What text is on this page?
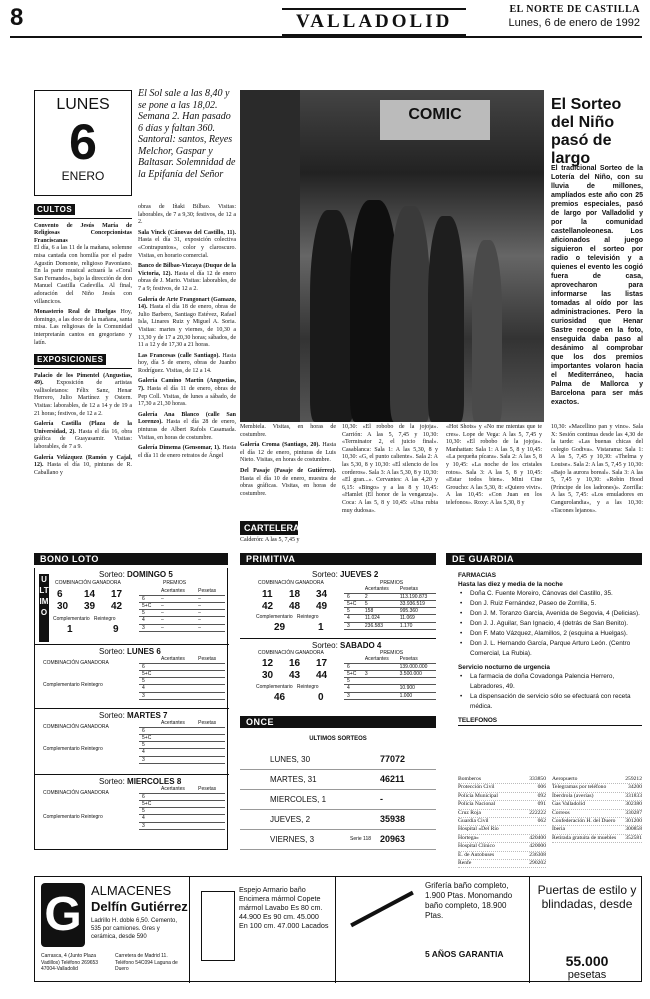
8	VALLADOLID
EL NORTE DE CASTILLA
Lunes, 6 de enero de 1992
LUNES
6
ENERO
El Sol sale a las 8,40 y se pone a las 18,02. Semana 2. Han pasado 6 días y faltan 360. Santoral: santos, Reyes Melchor, Gaspar y Baltasar. Solemnidad de la Epifanía del Señor
CULTOS

Convento de Jesús María de Religiosas Concepcionistas Franciscanas
El día, 6 a las 11 de la mañana, solemne misa cantada con homilía por el padre Agustín Domonte, religioso Pavoniano. En la parte musical actuará la «Coral San Fernando», bajo la dirección de don Manuel Castilla Cadevilla. Al final, adoración del Niño Jesús con villancicos.

Monasterio Real de Huelgas Hoy, domingo, a las doce de la mañana, santa misa. Las religiosas de la Comunidad interpretarán cantos en gregoriano y latín.

EXPOSICIONES

Palacio de los Pimentel (Angustias, 49). Exposición de artistas vallisoletanos: Félix Sanz, Henar Herrero, Julio Martínez y Ostern. Visitas: laborables, de 12 a 14 y de 19 a 21 horas; festivos, de 12 a 2.

Galería Castilla (Plaza de la Universidad, 2). Hasta el día 16, obra gráfica de Guayasamir. Visitas: laborables, de 7 a 9.

Galería Velázquez (Ramón y Cajal, 12). Hasta el día 10, pinturas de R. Caballano y

obras de Iñaki Bilbao. Visitas: laborables, de 7 a 9,30; festivos, de 12 a 2.

Sala Vinck (Cánovas del Castillo, 11). Hasta el día 31, exposición colectiva «Contrapuntos», color y claroscuro. Visitas, en horario comercial.

Banco de Bilbao-Vizcaya (Duque de la Victoria, 12). Hasta el día 12 de enero obras de J. Mario. Visitas: laborables, de 7 a 9; festivos, de 12 a 2.

Galería de Arte Frangonart (Gamazo, 14). Hasta el día 18 de enero, obras de Julio Barbero, Santiago Estévez, Rafael Isla, Linares Ruiz y Miguel A. Soria. Visitas: martes y viernes, de 10,30 a 13,30 y de 17 a 20,30 horas; sábados, de 11 a 12 y de 17,30 a 21 horas.

Las Francesas (calle Santiago). Hasta hoy, día 5 de enero, obras de Juanbo Rodríguez. Visitas, de 12 a 14.

Galería Camino Martín (Angustias, 7). Hasta el día 11 de enero, obras de Pep Coll. Visitas, de lunes a sábado, de 17,30 a 21,30 horas.

Galería Ana Blanco (calle San Lorenzo). Hasta el día 28 de enero, pinturas de Albert Rafols Casamada. Visitas, en horas de costumbre.

Galería Dimema (Gensomar, 1). Hasta el día 11 de enero retratos de Ángel

COMIC
El Sorteo del Niño pasó de largo
El tradicional Sorteo de la Lotería del Niño, con su lluvia de millones, amplíados este año con 25 premios especiales, pasó de largo por Valladolid y por la comunidad castellanoleonesa. Los aficionados al juego siguieron el sorteo por radio o televisión y a quienes el evento les cogió fuera de casa, aprovecharon para informarse las listas tomadas al oído por las administraciones. Pero la curiosidad que Henar Sastre recoge en la foto, enseguida daba paso al desánimo al comprobar que los dos premios importantes volaron hacia el Mediterráneo, hacia Palma de Mallorca y Barcelona para ser más exactos.

Membiela. Visitas, en horas de costumbre.

Galería Croma (Santiago, 20). Hasta el día 12 de enero, pinturas de Luis Nieto. Visitas, en horas de costumbre.

Del Pasaje (Pasaje de Gutiérrez). Hasta el día 10 de enero, muestra de obras gráficas. Visitas, en horas de costumbre.

CARTELERA
Calderón: A las 5, 7,45 y
10,30: «El robobo de la jojoja». Carrión: A las 5, 7,45 y 10,30: «Terminator 2, el juicio final». Casablanca: Sala 1: A las 5,30, 8 y 10,30: «G, el punto caliente». Sala 2: A las 5,30, 8 y 10,30: «El silencio de los corderos». Sala 3: A las 5,30, 8 y 10,30: «El gran...». Cervantes: A las 4,20 y 6,15: «Bingo» y a las 8 y 10,45: «Hamlet (El honor de la venganza)». Coca: A las 5, 8 y 10,45: «Una rubia muy dudosa».
«Hot Shots» y «No me mientas que te cres». Lope de Vega: A las 5, 7,45 y 10,30: «El robobo de la jojoja». Manhattan: Sala 1: A las 5, 8 y 10,45: «La pequeña pícara». Sala 2: A las 5, 8 y 10,45: «La noche de los cristales rotos». Sala 3: A las 5, 8 y 10,45: «Estar todos bien». Mini Cine Groucho: A las 5,30, 8: «Quiero vivir». A las 10,45: «Con Juan en los telefonos». Roxy: A las 5,30, 8 y
10,30: «Macellino pan y vino». Sala X: Sesión continua desde las 4,30 de la tarde: «Las buenas chicas del colegio Godiva». Vistarama: Sala 1: A las 5, 7,45 y 10,30: «Thelma y Louise». Sala 2: A las 5, 7,45 y 10,30: «Bajo la aurora boreal». Sala 3: A las 5, 7,45 y 10,30: «Robin Hood (Príncipe de los ladrones)». Zorrilla: A las 5, 7,45: «Los emuladores en Cangurolandia», y a las 10,30: «Tacones lejanos».
BONO LOTO
ULTIMO
Sorteo: DOMINGO 5
COMBINACIÓN GANADORA	PREMIOS
6	14	17
30	39	42
Complementario Reintegro
1	9
	Acertantes	Pesetas
6	–	–
5+C	–	–
5	–	–
4	–	–
3	–	–
Sorteo: LUNES 6
COMBINACIÓN GANADORA
Complementario Reintegro
	Acertantes	Pesetas
6		
5+C		
5		
4		
3		
Sorteo: MARTES 7
COMBINACIÓN GANADORA
Complementario Reintegro
	Acertantes	Pesetas
6		
5+C		
5		
4		
3		
Sorteo: MIERCOLES 8
COMBINACIÓN GANADORA
Complementario Reintegro
	Acertantes	Pesetas
6		
5+C		
5		
4		
3		
PRIMITIVA
Sorteo: JUEVES 2
COMBINACIÓN GANADORA	PREMIOS
11	18	34
42	48	49
Complementario Reintegro
29	1
	Acertantes	Pesetas
6	2	113.190.873
5+C	5	33.936.519
5	158	995.360
4	11.024	11.069
3	236.583	1.170
Sorteo: SABADO 4
COMBINACIÓN GANADORA	PREMIOS
12	16	17
30	43	44
Complementario Reintegro
46	0
	Acertantes	Pesetas
6		139.000.000
5+C	3	3.500.000
5		
4		10.900
3		1.000
ONCE
ULTIMOS SORTEOS
LUNES, 30	77072
MARTES, 31	46211
MIERCOLES, 1	-
JUEVES, 2	35938
VIERNES, 3	Serie 118 20963
DE GUARDIA
FARMACIAS
Hasta las diez y media de la noche
• Doña C. Fuente Moreiro, Cánovas del Castillo, 35.
• Don J. Ruiz Fernández, Paseo de Zorrilla, 5.
• Don J. M. Toranzo García, Avenida de Segovia, 4 (Delicias).
• Don J. J. Aguilar, San Ignacio, 4 (detrás de San Benito).
• Don F. Mato Vázquez, Alamillos, 2 (esquina a Huelgas).
• Don J. L. Hernando García, Parque Arturo León. (Centro Comercial, La Rubia).
Servicio nocturno de urgencia
• La farmacia de doña Covadonga Palencia Herrero, Labradores, 49.
• La dispensación de servicio sólo se efectuará con receta médica.
TELEFONOS
Bomberos	333850
Protección Civil	006
Policía Municipal	092
Policía Nacional	091
Cruz Roja	222222
Guardia Civil	062
Hospital «Del Río
Hortega»	420400
Hospital Clínico	420000
E. de Autobuses	236308
Renfe	290202
Aeropuerto	259212
Telegramas por teléfono	34200
Iberdrola (averías)	331833
Gas Valladolid	302380
Correos	330287
Confederación H. del Duero 301200
Iberia	300858
Retirada gratuita de muebles 352581
G ALMACENES
Delfín Gutiérrez
Ladrillo H. doble 6,50. Cemento, 535 por camiones. Gres y cerámica, desde 590
Carrasca, 4 (Junto Plaza Vadillos) Teléfono 269653 47004-Valladolid
Carretera de Madrid 11. Teléfono 54C094 Laguna de Duero
Espejo Armario baño Encimera mármol Copete mármol Lavabo Es 80 cm. 44.900 Es 90 cm. 45.000 En 100 cm. 47.000 Lacados
Grifería baño completo, 1.900 Ptas. Monomando baño completo, 18.900 Ptas.
5 AÑOS GARANTIA
Puertas de estilo y blindadas, desde
55.000
pesetas
